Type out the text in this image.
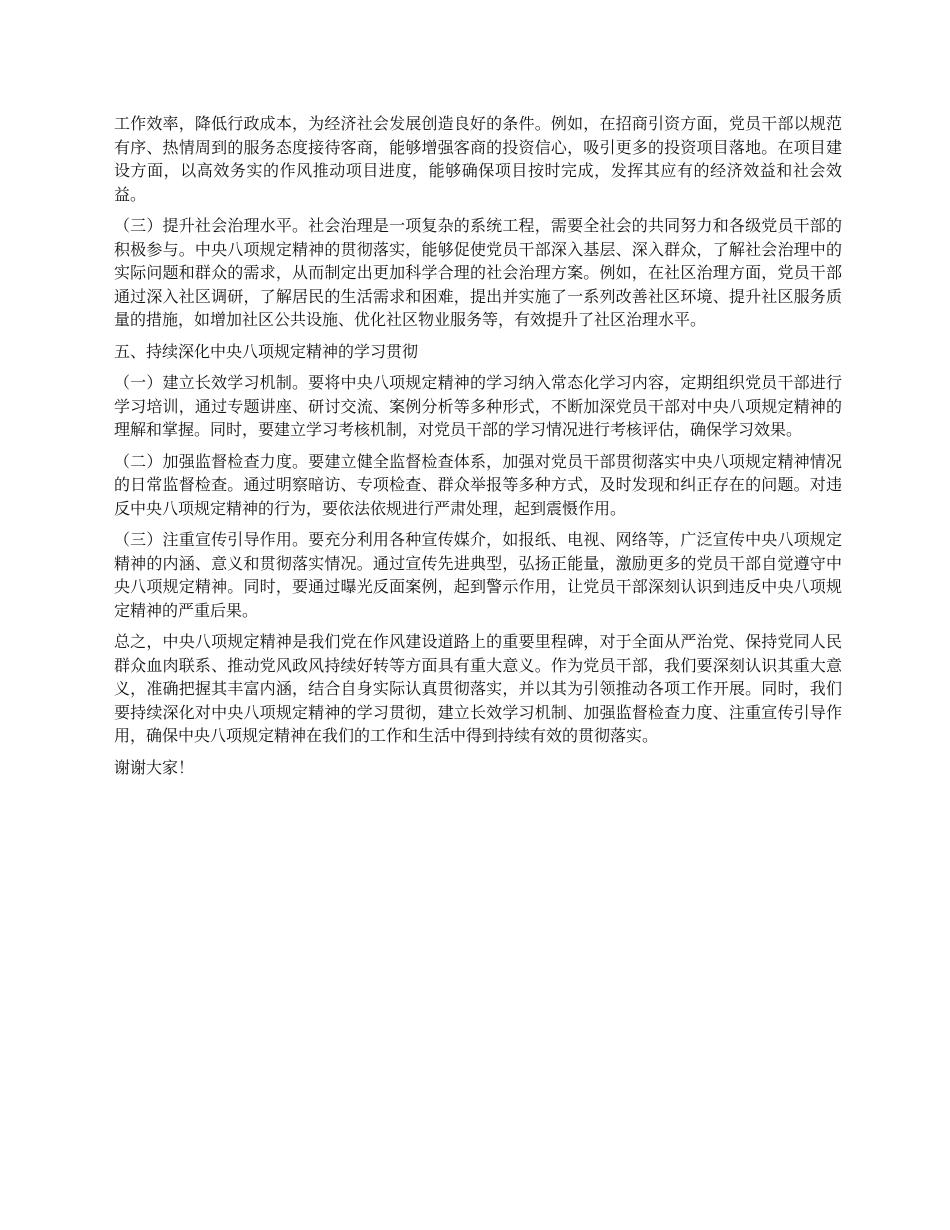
工作效率，降低行政成本，为经济社会发展创造良好的条件。例如，在招商引资方面，党员干部以规范有序、热情周到的服务态度接待客商，能够增强客商的投资信心，吸引更多的投资项目落地。在项目建设方面，以高效务实的作风推动项目进度，能够确保项目按时完成，发挥其应有的经济效益和社会效益。

（三）提升社会治理水平。社会治理是一项复杂的系统工程，需要全社会的共同努力和各级党员干部的积极参与。中央八项规定精神的贯彻落实，能够促使党员干部深入基层、深入群众，了解社会治理中的实际问题和群众的需求，从而制定出更加科学合理的社会治理方案。例如，在社区治理方面，党员干部通过深入社区调研，了解居民的生活需求和困难，提出并实施了一系列改善社区环境、提升社区服务质量的措施，如增加社区公共设施、优化社区物业服务等，有效提升了社区治理水平。

五、持续深化中央八项规定精神的学习贯彻

（一）建立长效学习机制。要将中央八项规定精神的学习纳入常态化学习内容，定期组织党员干部进行学习培训，通过专题讲座、研讨交流、案例分析等多种形式，不断加深党员干部对中央八项规定精神的理解和掌握。同时，要建立学习考核机制，对党员干部的学习情况进行考核评估，确保学习效果。

（二）加强监督检查力度。要建立健全监督检查体系，加强对党员干部贯彻落实中央八项规定精神情况的日常监督检查。通过明察暗访、专项检查、群众举报等多种方式，及时发现和纠正存在的问题。对违反中央八项规定精神的行为，要依法依规进行严肃处理，起到震慑作用。

（三）注重宣传引导作用。要充分利用各种宣传媒介，如报纸、电视、网络等，广泛宣传中央八项规定精神的内涵、意义和贯彻落实情况。通过宣传先进典型，弘扬正能量，激励更多的党员干部自觉遵守中央八项规定精神。同时，要通过曝光反面案例，起到警示作用，让党员干部深刻认识到违反中央八项规定精神的严重后果。

总之，中央八项规定精神是我们党在作风建设道路上的重要里程碑，对于全面从严治党、保持党同人民群众血肉联系、推动党风政风持续好转等方面具有重大意义。作为党员干部，我们要深刻认识其重大意义，准确把握其丰富内涵，结合自身实际认真贯彻落实，并以其为引领推动各项工作开展。同时，我们要持续深化对中央八项规定精神的学习贯彻，建立长效学习机制、加强监督检查力度、注重宣传引导作用，确保中央八项规定精神在我们的工作和生活中得到持续有效的贯彻落实。

谢谢大家！
